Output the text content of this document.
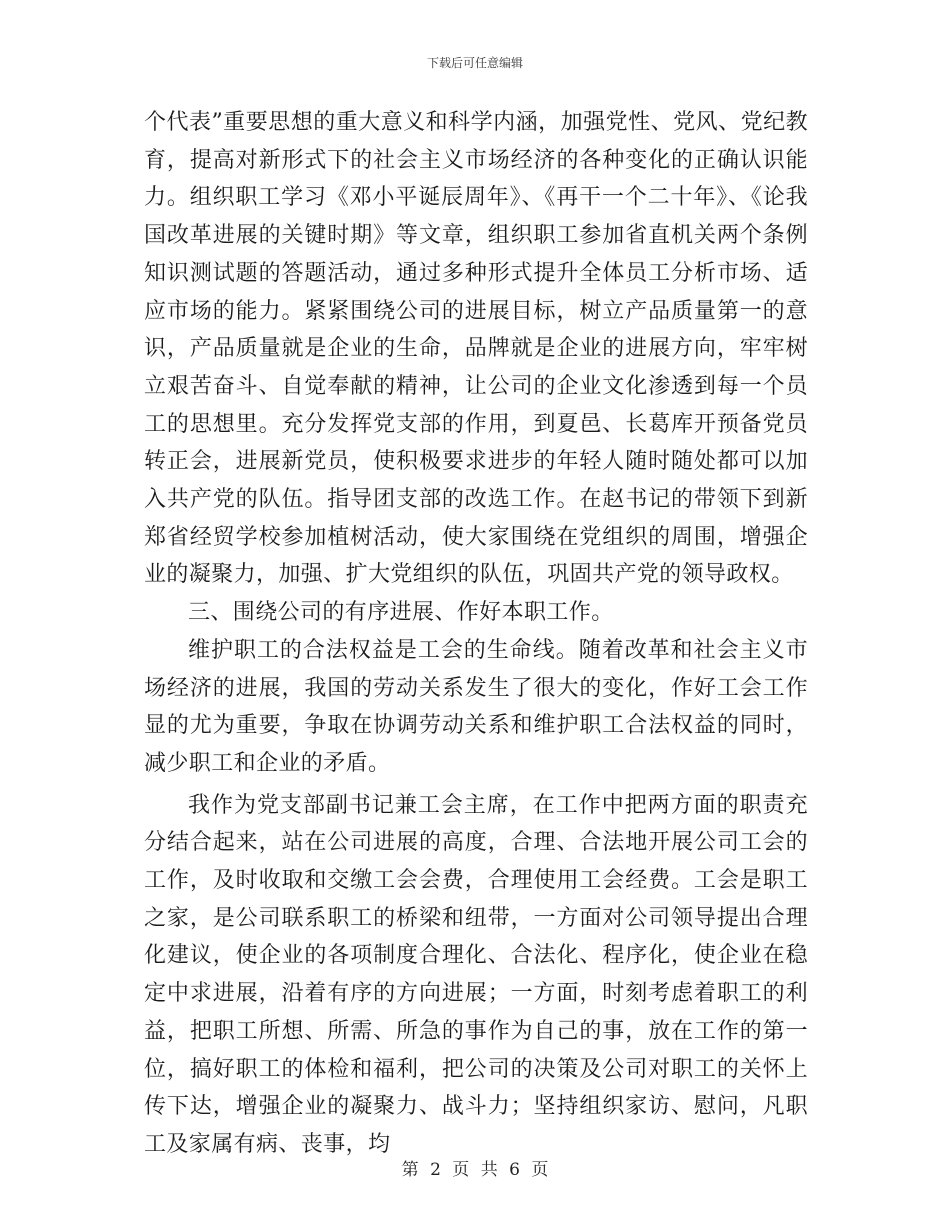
下载后可任意编辑

个代表”重要思想的重大意义和科学内涵，加强党性、党风、党纪教育，提高对新形式下的社会主义市场经济的各种变化的正确认识能力。组织职工学习《邓小平诞辰周年》、《再干一个二十年》、《论我国改革进展的关键时期》等文章，组织职工参加省直机关两个条例知识测试题的答题活动，通过多种形式提升全体员工分析市场、适应市场的能力。紧紧围绕公司的进展目标，树立产品质量第一的意识，产品质量就是企业的生命，品牌就是企业的进展方向，牢牢树立艰苦奋斗、自觉奉献的精神，让公司的企业文化渗透到每一个员工的思想里。充分发挥党支部的作用，到夏邑、长葛库开预备党员转正会，进展新党员，使积极要求进步的年轻人随时随处都可以加入共产党的队伍。指导团支部的改选工作。在赵书记的带领下到新郑省经贸学校参加植树活动，使大家围绕在党组织的周围，增强企业的凝聚力，加强、扩大党组织的队伍，巩固共产党的领导政权。

三、围绕公司的有序进展、作好本职工作。

维护职工的合法权益是工会的生命线。随着改革和社会主义市场经济的进展，我国的劳动关系发生了很大的变化，作好工会工作显的尤为重要，争取在协调劳动关系和维护职工合法权益的同时，减少职工和企业的矛盾。

我作为党支部副书记兼工会主席，在工作中把两方面的职责充分结合起来，站在公司进展的高度，合理、合法地开展公司工会的工作，及时收取和交缴工会会费，合理使用工会经费。工会是职工之家，是公司联系职工的桥梁和纽带，一方面对公司领导提出合理化建议，使企业的各项制度合理化、合法化、程序化，使企业在稳定中求进展，沿着有序的方向进展；一方面，时刻考虑着职工的利益，把职工所想、所需、所急的事作为自己的事，放在工作的第一位，搞好职工的体检和福利，把公司的决策及公司对职工的关怀上传下达，增强企业的凝聚力、战斗力；坚持组织家访、慰问，凡职工及家属有病、丧事，均

第 2 页 共 6 页
